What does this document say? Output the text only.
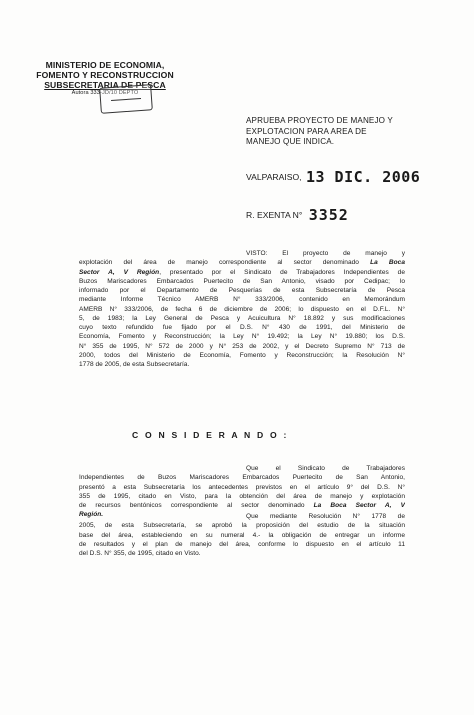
MINISTERIO DE ECONOMIA,
FOMENTO Y RECONSTRUCCION
SUBSECRETARIA DE PESCA
Autora 333-JD/10 DEPTO
APRUEBA PROYECTO DE MANEJO Y
EXPLOTACION PARA AREA DE
MANEJO QUE INDICA.
VALPARAISO, 13 DIC. 2006
R. EXENTA N° 3352
VISTO: El proyecto de manejo y
explotación del área de manejo correspondiente al sector denominado La Boca
Sector A, V Región, presentado por el Sindicato de Trabajadores Independientes de
Buzos Mariscadores Embarcados Puertecito de San Antonio, visado por Cedipac; lo
informado por el Departamento de Pesquerías de esta Subsecretaría de Pesca
mediante Informe Técnico AMERB N° 333/2006, contenido en Memorándum
AMERB N° 333/2006, de fecha 6 de diciembre de 2006; lo dispuesto en el D.F.L. N°
5, de 1983; la Ley General de Pesca y Acuicultura N° 18.892 y sus modificaciones
cuyo texto refundido fue fijado por el D.S. N° 430 de 1991, del Ministerio de
Economía, Fomento y Reconstrucción; la Ley N° 19.492; la Ley N° 19.880; los D.S.
N° 355 de 1995, N° 572 de 2000 y N° 253 de 2002, y el Decreto Supremo N° 713 de
2000, todos del Ministerio de Economía, Fomento y Reconstrucción; la Resolución N°
1778 de 2005, de esta Subsecretaría.
C O N S I D E R A N D O :
Que el Sindicato de Trabajadores
Independientes de Buzos Mariscadores Embarcados Puertecito de San Antonio,
presentó a esta Subsecretaría los antecedentes previstos en el artículo 9° del D.S. N°
355 de 1995, citado en Visto, para la obtención del área de manejo y explotación
de recursos bentónicos correspondiente al sector denominado La Boca Sector A, V
Región.	Que mediante Resolución N° 1778 de
2005, de esta Subsecretaría, se aprobó la proposición del estudio de la situación
base del área, estableciendo en su numeral 4.- la obligación de entregar un informe
de resultados y el plan de manejo del área, conforme lo dispuesto en el artículo 11
del D.S. N° 355, de 1995, citado en Visto.
